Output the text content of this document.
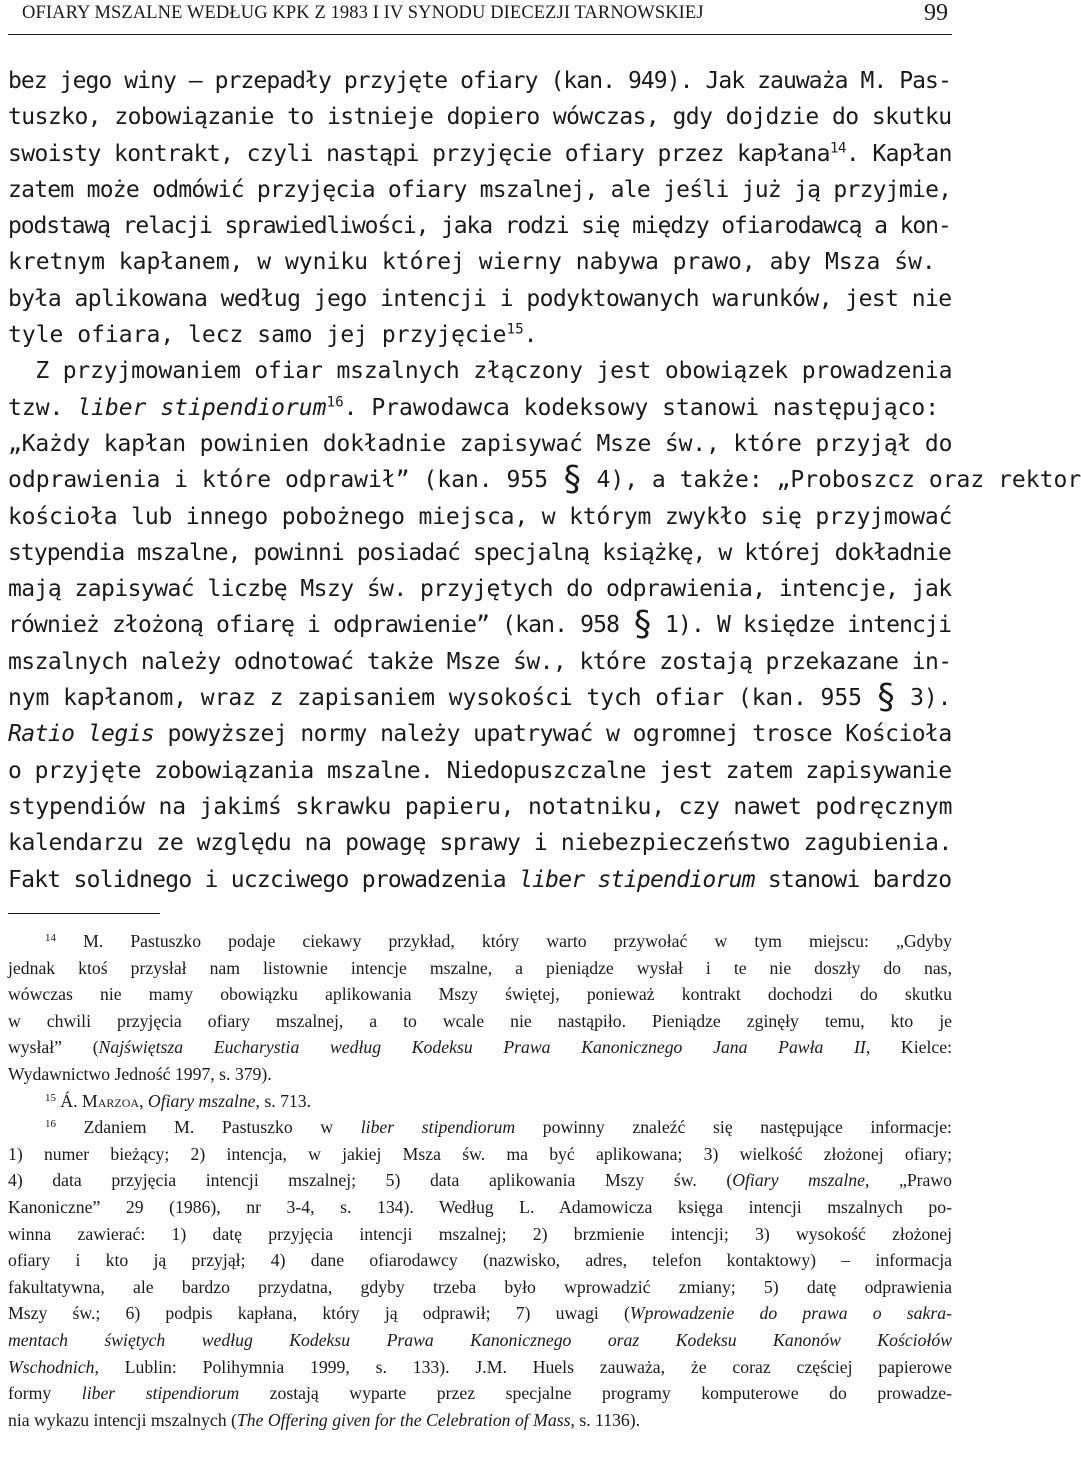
OFIARY MSZALNE WEDŁUG KPK Z 1983 I IV SYNODU DIECEZJI TARNOWSKIEJ	99
bez jego winy – przepadły przyjęte ofiary (kan. 949). Jak zauważa M. Pas-
tuszko, zobowiązanie to istnieje dopiero wówczas, gdy dojdzie do skutku
swoisty kontrakt, czyli nastąpi przyjęcie ofiary przez kapłana$^{14}$. Kapłan
zatem może odmówić przyjęcia ofiary mszalnej, ale jeśli już ją przyjmie,
podstawą relacji sprawiedliwości, jaka rodzi się między ofiarodawcą a kon-
kretnym kapłanem, w wyniku której wierny nabywa prawo, aby Msza św.
była aplikowana według jego intencji i podyktowanych warunków, jest nie
tyle ofiara, lecz samo jej przyjęcie$^{15}$.
Z przyjmowaniem ofiar mszalnych złączony jest obowiązek prowadzenia
tzw. liber stipendiorum$^{16}$. Prawodawca kodeksowy stanowi następująco:
„Każdy kapłan powinien dokładnie zapisywać Msze św., które przyjął do
odprawienia i które odprawił” (kan. 955 § 4), a także: „Proboszcz oraz rektor
kościoła lub innego pobożnego miejsca, w którym zwykło się przyjmować
stypendia mszalne, powinni posiadać specjalną książkę, w której dokładnie
mają zapisywać liczbę Mszy św. przyjętych do odprawienia, intencje, jak
również złożoną ofiarę i odprawienie” (kan. 958 § 1). W księdze intencji
mszalnych należy odnotować także Msze św., które zostają przekazane in-
nym kapłanom, wraz z zapisaniem wysokości tych ofiar (kan. 955 § 3).
Ratio legis powyższej normy należy upatrywać w ogromnej trosce Kościoła
o przyjęte zobowiązania mszalne. Niedopuszczalne jest zatem zapisywanie
stypendiów na jakimś skrawku papieru, notatniku, czy nawet podręcznym
kalendarzu ze względu na powagę sprawy i niebezpieczeństwo zagubienia.
Fakt solidnego i uczciwego prowadzenia liber stipendiorum stanowi bardzo
$^{14}$ M. Pastuszko podaje ciekawy przykład, który warto przywołać w tym miejscu: „Gdyby
jednak ktoś przysłał nam listownie intencje mszalne, a pieniądze wysłał i te nie doszły do nas,
wówczas nie mamy obowiązku aplikowania Mszy świętej, ponieważ kontrakt dochodzi do skutku
w chwili przyjęcia ofiary mszalnej, a to wcale nie nastąpiło. Pieniądze zginęły temu, kto je
wysłał” (Najświętsza Eucharystia według Kodeksu Prawa Kanonicznego Jana Pawła II, Kielce:
Wydawnictwo Jedność 1997, s. 379).
$^{15}$ Á. Marzoa, Ofiary mszalne, s. 713.
$^{16}$ Zdaniem M. Pastuszko w liber stipendiorum powinny znaleźć się następujące informacje:
1) numer bieżący; 2) intencja, w jakiej Msza św. ma być aplikowana; 3) wielkość złożonej ofiary;
4) data przyjęcia intencji mszalnej; 5) data aplikowania Mszy św. (Ofiary mszalne, „Prawo
Kanoniczne” 29 (1986), nr 3-4, s. 134). Według L. Adamowicza księga intencji mszalnych po-
winna zawierać: 1) datę przyjęcia intencji mszalnej; 2) brzmienie intencji; 3) wysokość złożonej
ofiary i kto ją przyjął; 4) dane ofiarodawcy (nazwisko, adres, telefon kontaktowy) – informacja
fakultatywna, ale bardzo przydatna, gdyby trzeba było wprowadzić zmiany; 5) datę odprawienia
Mszy św.; 6) podpis kapłana, który ją odprawił; 7) uwagi (Wprowadzenie do prawa o sakra-
mentach świętych według Kodeksu Prawa Kanonicznego oraz Kodeksu Kanonów Kościołów
Wschodnich, Lublin: Polihymnia 1999, s. 133). J.M. Huels zauważa, że coraz częściej papierowe
formy liber stipendiorum zostają wyparte przez specjalne programy komputerowe do prowadze-
nia wykazu intencji mszalnych (The Offering given for the Celebration of Mass, s. 1136).
